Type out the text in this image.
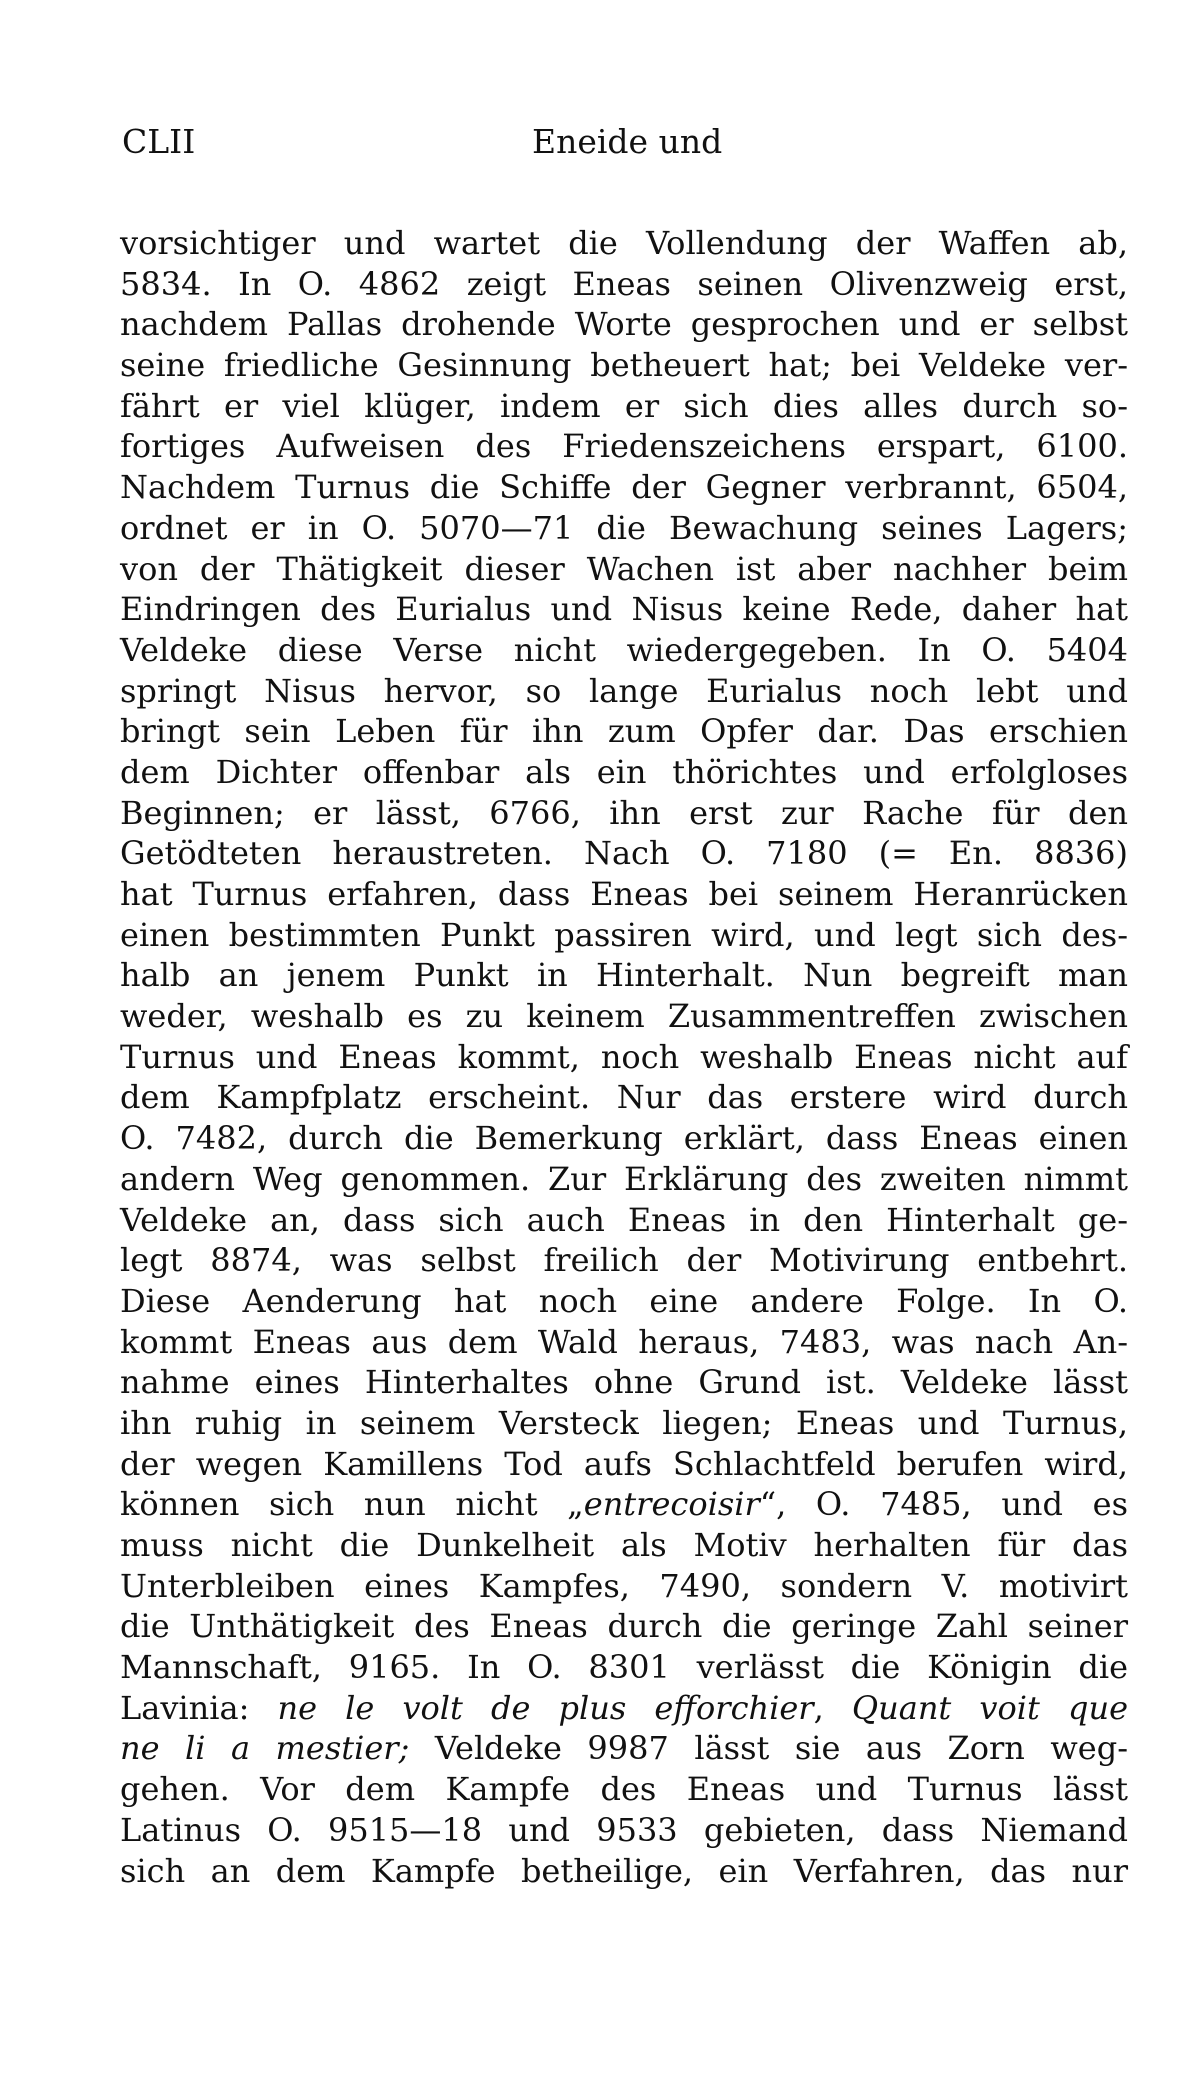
CLII	Eneide und
vorsichtiger und wartet die Vollendung der Waffen ab,
5834. In O. 4862 zeigt Eneas seinen Olivenzweig erst,
nachdem Pallas drohende Worte gesprochen und er selbst
seine friedliche Gesinnung betheuert hat; bei Veldeke ver-
fährt er viel klüger, indem er sich dies alles durch so-
fortiges Aufweisen des Friedenszeichens erspart, 6100.
Nachdem Turnus die Schiffe der Gegner verbrannt, 6504,
ordnet er in O. 5070—71 die Bewachung seines Lagers;
von der Thätigkeit dieser Wachen ist aber nachher beim
Eindringen des Eurialus und Nisus keine Rede, daher hat
Veldeke diese Verse nicht wiedergegeben. In O. 5404
springt Nisus hervor, so lange Eurialus noch lebt und
bringt sein Leben für ihn zum Opfer dar. Das erschien
dem Dichter offenbar als ein thörichtes und erfolgloses
Beginnen; er lässt, 6766, ihn erst zur Rache für den
Getödteten heraustreten. Nach O. 7180 (= En. 8836)
hat Turnus erfahren, dass Eneas bei seinem Heranrücken
einen bestimmten Punkt passiren wird, und legt sich des-
halb an jenem Punkt in Hinterhalt. Nun begreift man
weder, weshalb es zu keinem Zusammentreffen zwischen
Turnus und Eneas kommt, noch weshalb Eneas nicht auf
dem Kampfplatz erscheint. Nur das erstere wird durch
O. 7482, durch die Bemerkung erklärt, dass Eneas einen
andern Weg genommen. Zur Erklärung des zweiten nimmt
Veldeke an, dass sich auch Eneas in den Hinterhalt ge-
legt 8874, was selbst freilich der Motivirung entbehrt.
Diese Aenderung hat noch eine andere Folge. In O.
kommt Eneas aus dem Wald heraus, 7483, was nach An-
nahme eines Hinterhaltes ohne Grund ist. Veldeke lässt
ihn ruhig in seinem Versteck liegen; Eneas und Turnus,
der wegen Kamillens Tod aufs Schlachtfeld berufen wird,
können sich nun nicht „entrecoisir“, O. 7485, und es
muss nicht die Dunkelheit als Motiv herhalten für das
Unterbleiben eines Kampfes, 7490, sondern V. motivirt
die Unthätigkeit des Eneas durch die geringe Zahl seiner
Mannschaft, 9165. In O. 8301 verlässt die Königin die
Lavinia: ne le volt de plus efforchier, Quant voit que
ne li a mestier; Veldeke 9987 lässt sie aus Zorn weg-
gehen. Vor dem Kampfe des Eneas und Turnus lässt
Latinus O. 9515—18 und 9533 gebieten, dass Niemand
sich an dem Kampfe betheilige, ein Verfahren, das nur
